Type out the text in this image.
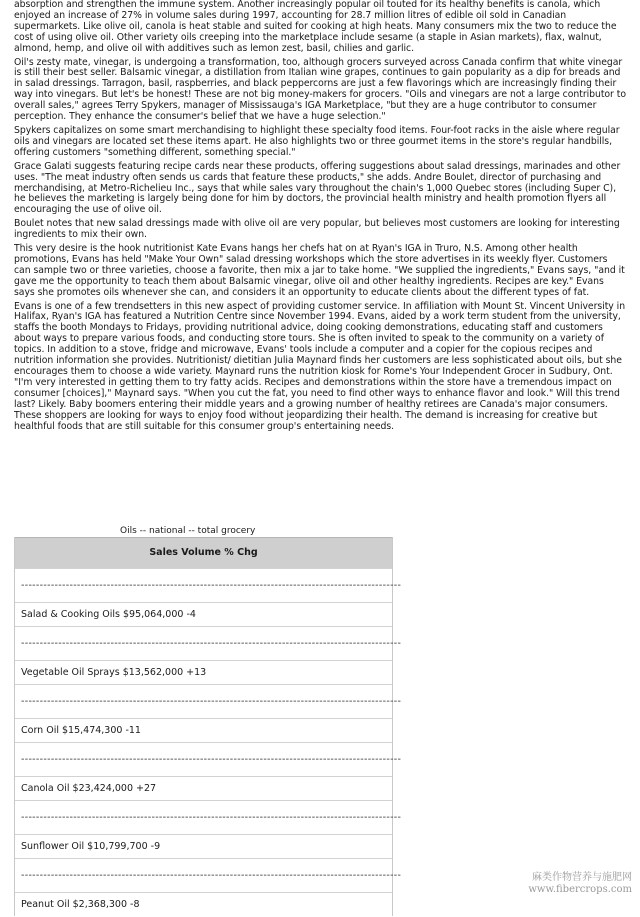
absorption and strengthen the immune system. Another increasingly popular oil touted for its healthy benefits is canola, which enjoyed an increase of 27% in volume sales during 1997, accounting for 28.7 million litres of edible oil sold in Canadian supermarkets. Like olive oil, canola is heat stable and suited for cooking at high heats. Many consumers mix the two to reduce the cost of using olive oil. Other variety oils creeping into the marketplace include sesame (a staple in Asian markets), flax, walnut, almond, hemp, and olive oil with additives such as lemon zest, basil, chilies and garlic.

Oil's zesty mate, vinegar, is undergoing a transformation, too, although grocers surveyed across Canada confirm that white vinegar is still their best seller. Balsamic vinegar, a distillation from Italian wine grapes, continues to gain popularity as a dip for breads and in salad dressings. Tarragon, basil, raspberries, and black peppercorns are just a few flavorings which are increasingly finding their way into vinegars. But let's be honest! These are not big money-makers for grocers. "Oils and vinegars are not a large contributor to overall sales," agrees Terry Spykers, manager of Mississauga's IGA Marketplace, "but they are a huge contributor to consumer perception. They enhance the consumer's belief that we have a huge selection."

Spykers capitalizes on some smart merchandising to highlight these specialty food items. Four-foot racks in the aisle where regular oils and vinegars are located set these items apart. He also highlights two or three gourmet items in the store's regular handbills, offering customers "something different, something special."

Grace Galati suggests featuring recipe cards near these products, offering suggestions about salad dressings, marinades and other uses. "The meat industry often sends us cards that feature these products," she adds. Andre Boulet, director of purchasing and merchandising, at Metro-Richelieu Inc., says that while sales vary throughout the chain's 1,000 Quebec stores (including Super C), he believes the marketing is largely being done for him by doctors, the provincial health ministry and health promotion flyers all encouraging the use of olive oil.

Boulet notes that new salad dressings made with olive oil are very popular, but believes most customers are looking for interesting ingredients to mix their own.

This very desire is the hook nutritionist Kate Evans hangs her chefs hat on at Ryan's IGA in Truro, N.S. Among other health promotions, Evans has held "Make Your Own" salad dressing workshops which the store advertises in its weekly flyer. Customers can sample two or three varieties, choose a favorite, then mix a jar to take home. "We supplied the ingredients," Evans says, "and it gave me the opportunity to teach them about Balsamic vinegar, olive oil and other healthy ingredients. Recipes are key." Evans says she promotes oils whenever she can, and considers it an opportunity to educate clients about the different types of fat.

Evans is one of a few trendsetters in this new aspect of providing customer service. In affiliation with Mount St. Vincent University in Halifax, Ryan's IGA has featured a Nutrition Centre since November 1994. Evans, aided by a work term student from the university, staffs the booth Mondays to Fridays, providing nutritional advice, doing cooking demonstrations, educating staff and customers about ways to prepare various foods, and conducting store tours. She is often invited to speak to the community on a variety of topics. In addition to a stove, fridge and microwave, Evans' tools include a computer and a copier for the copious recipes and nutrition information she provides. Nutritionist/ dietitian Julia Maynard finds her customers are less sophisticated about oils, but she encourages them to choose a wide variety. Maynard runs the nutrition kiosk for Rome's Your Independent Grocer in Sudbury, Ont. "I'm very interested in getting them to try fatty acids. Recipes and demonstrations within the store have a tremendous impact on consumer [choices]," Maynard says. "When you cut the fat, you need to find other ways to enhance flavor and look." Will this trend last? Likely. Baby boomers entering their middle years and a growing number of healthy retirees are Canada's major consumers. These shoppers are looking for ways to enjoy food without jeopardizing their health. The demand is increasing for creative but healthful foods that are still suitable for this consumer group's entertaining needs.

Oils -- national -- total grocery
Sales Volume % Chg
------------------------------------------------------------------------------------------------------
Salad & Cooking Oils $95,064,000 -4
------------------------------------------------------------------------------------------------------
Vegetable Oil Sprays $13,562,000 +13
------------------------------------------------------------------------------------------------------
Corn Oil $15,474,300 -11
------------------------------------------------------------------------------------------------------
Canola Oil $23,424,000 +27
------------------------------------------------------------------------------------------------------
Sunflower Oil $10,799,700 -9
------------------------------------------------------------------------------------------------------
Peanut Oil $2,368,300 -8
麻类作物营养与施肥网
www.fibercrops.com
